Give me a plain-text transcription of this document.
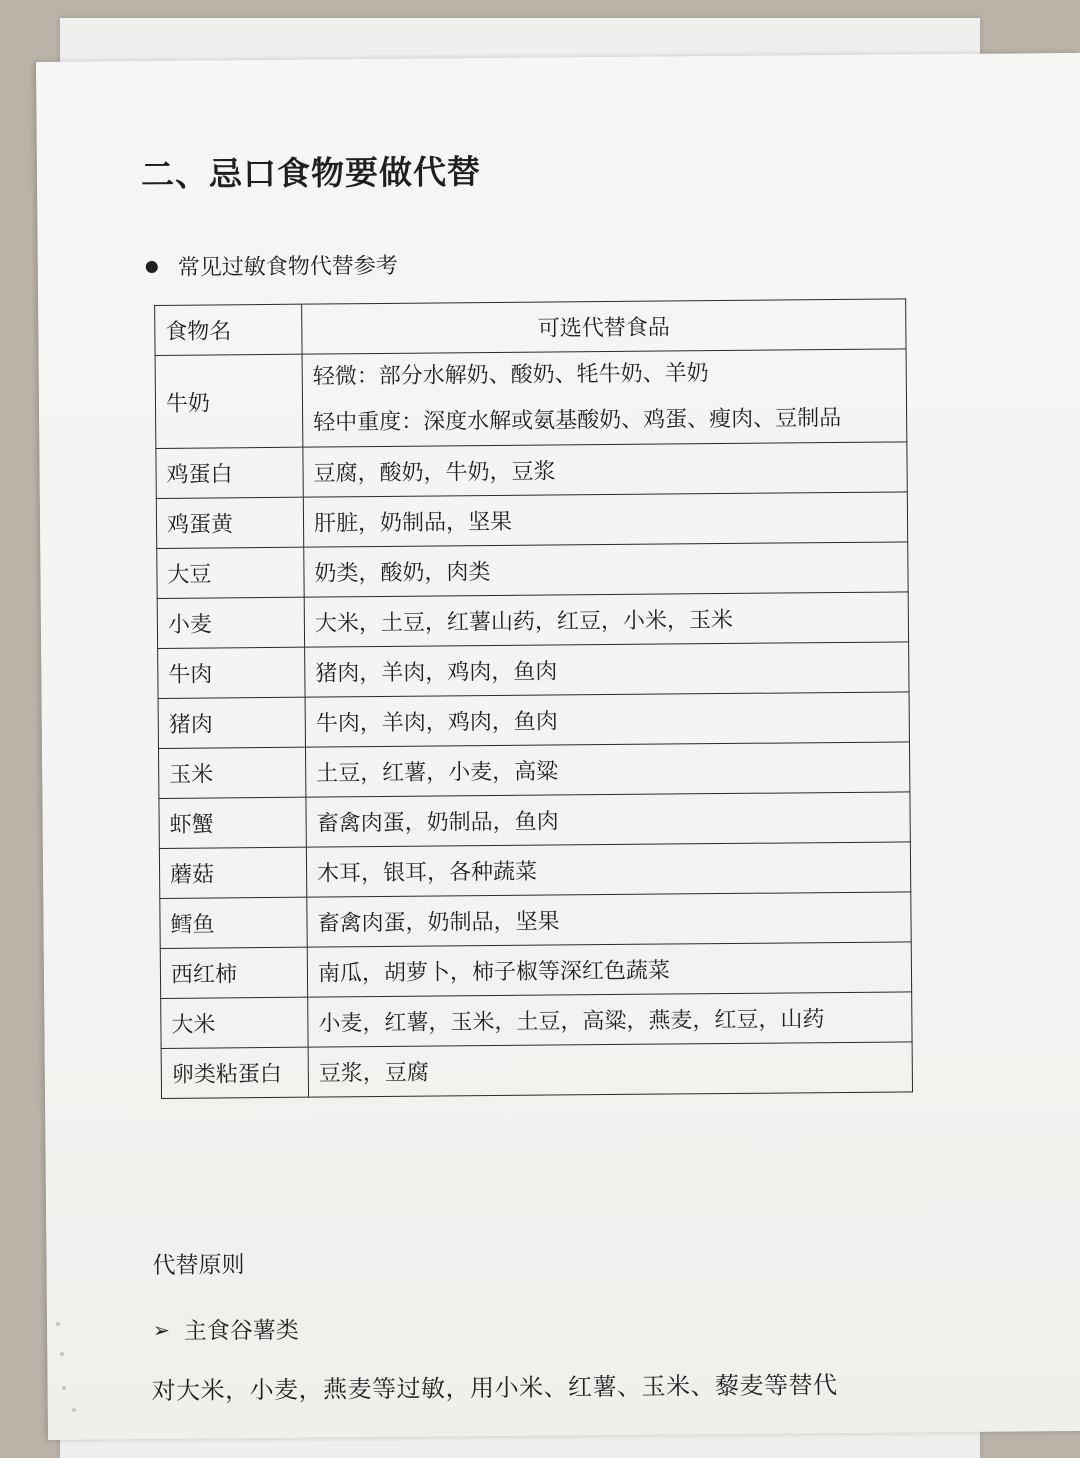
二、忌口食物要做代替
常见过敏食物代替参考
食物名	可选代替食品
牛奶	轻微：部分水解奶、酸奶、牦牛奶、羊奶
轻中重度：深度水解或氨基酸奶、鸡蛋、瘦肉、豆制品

鸡蛋白	豆腐，酸奶，牛奶，豆浆
鸡蛋黄	肝脏，奶制品，坚果
大豆	奶类，酸奶，肉类
小麦	大米，土豆，红薯山药，红豆，小米，玉米
牛肉	猪肉，羊肉，鸡肉，鱼肉
猪肉	牛肉，羊肉，鸡肉，鱼肉
玉米	土豆，红薯，小麦，高粱
虾蟹	畜禽肉蛋，奶制品，鱼肉
蘑菇	木耳，银耳，各种蔬菜
鳕鱼	畜禽肉蛋，奶制品，坚果
西红柿	南瓜，胡萝卜，柿子椒等深红色蔬菜
大米	小麦，红薯，玉米，土豆，高粱，燕麦，红豆，山药
卵类粘蛋白	豆浆，豆腐
代替原则
➢ 主食谷薯类
对大米，小麦，燕麦等过敏，用小米、红薯、玉米、藜麦等替代
